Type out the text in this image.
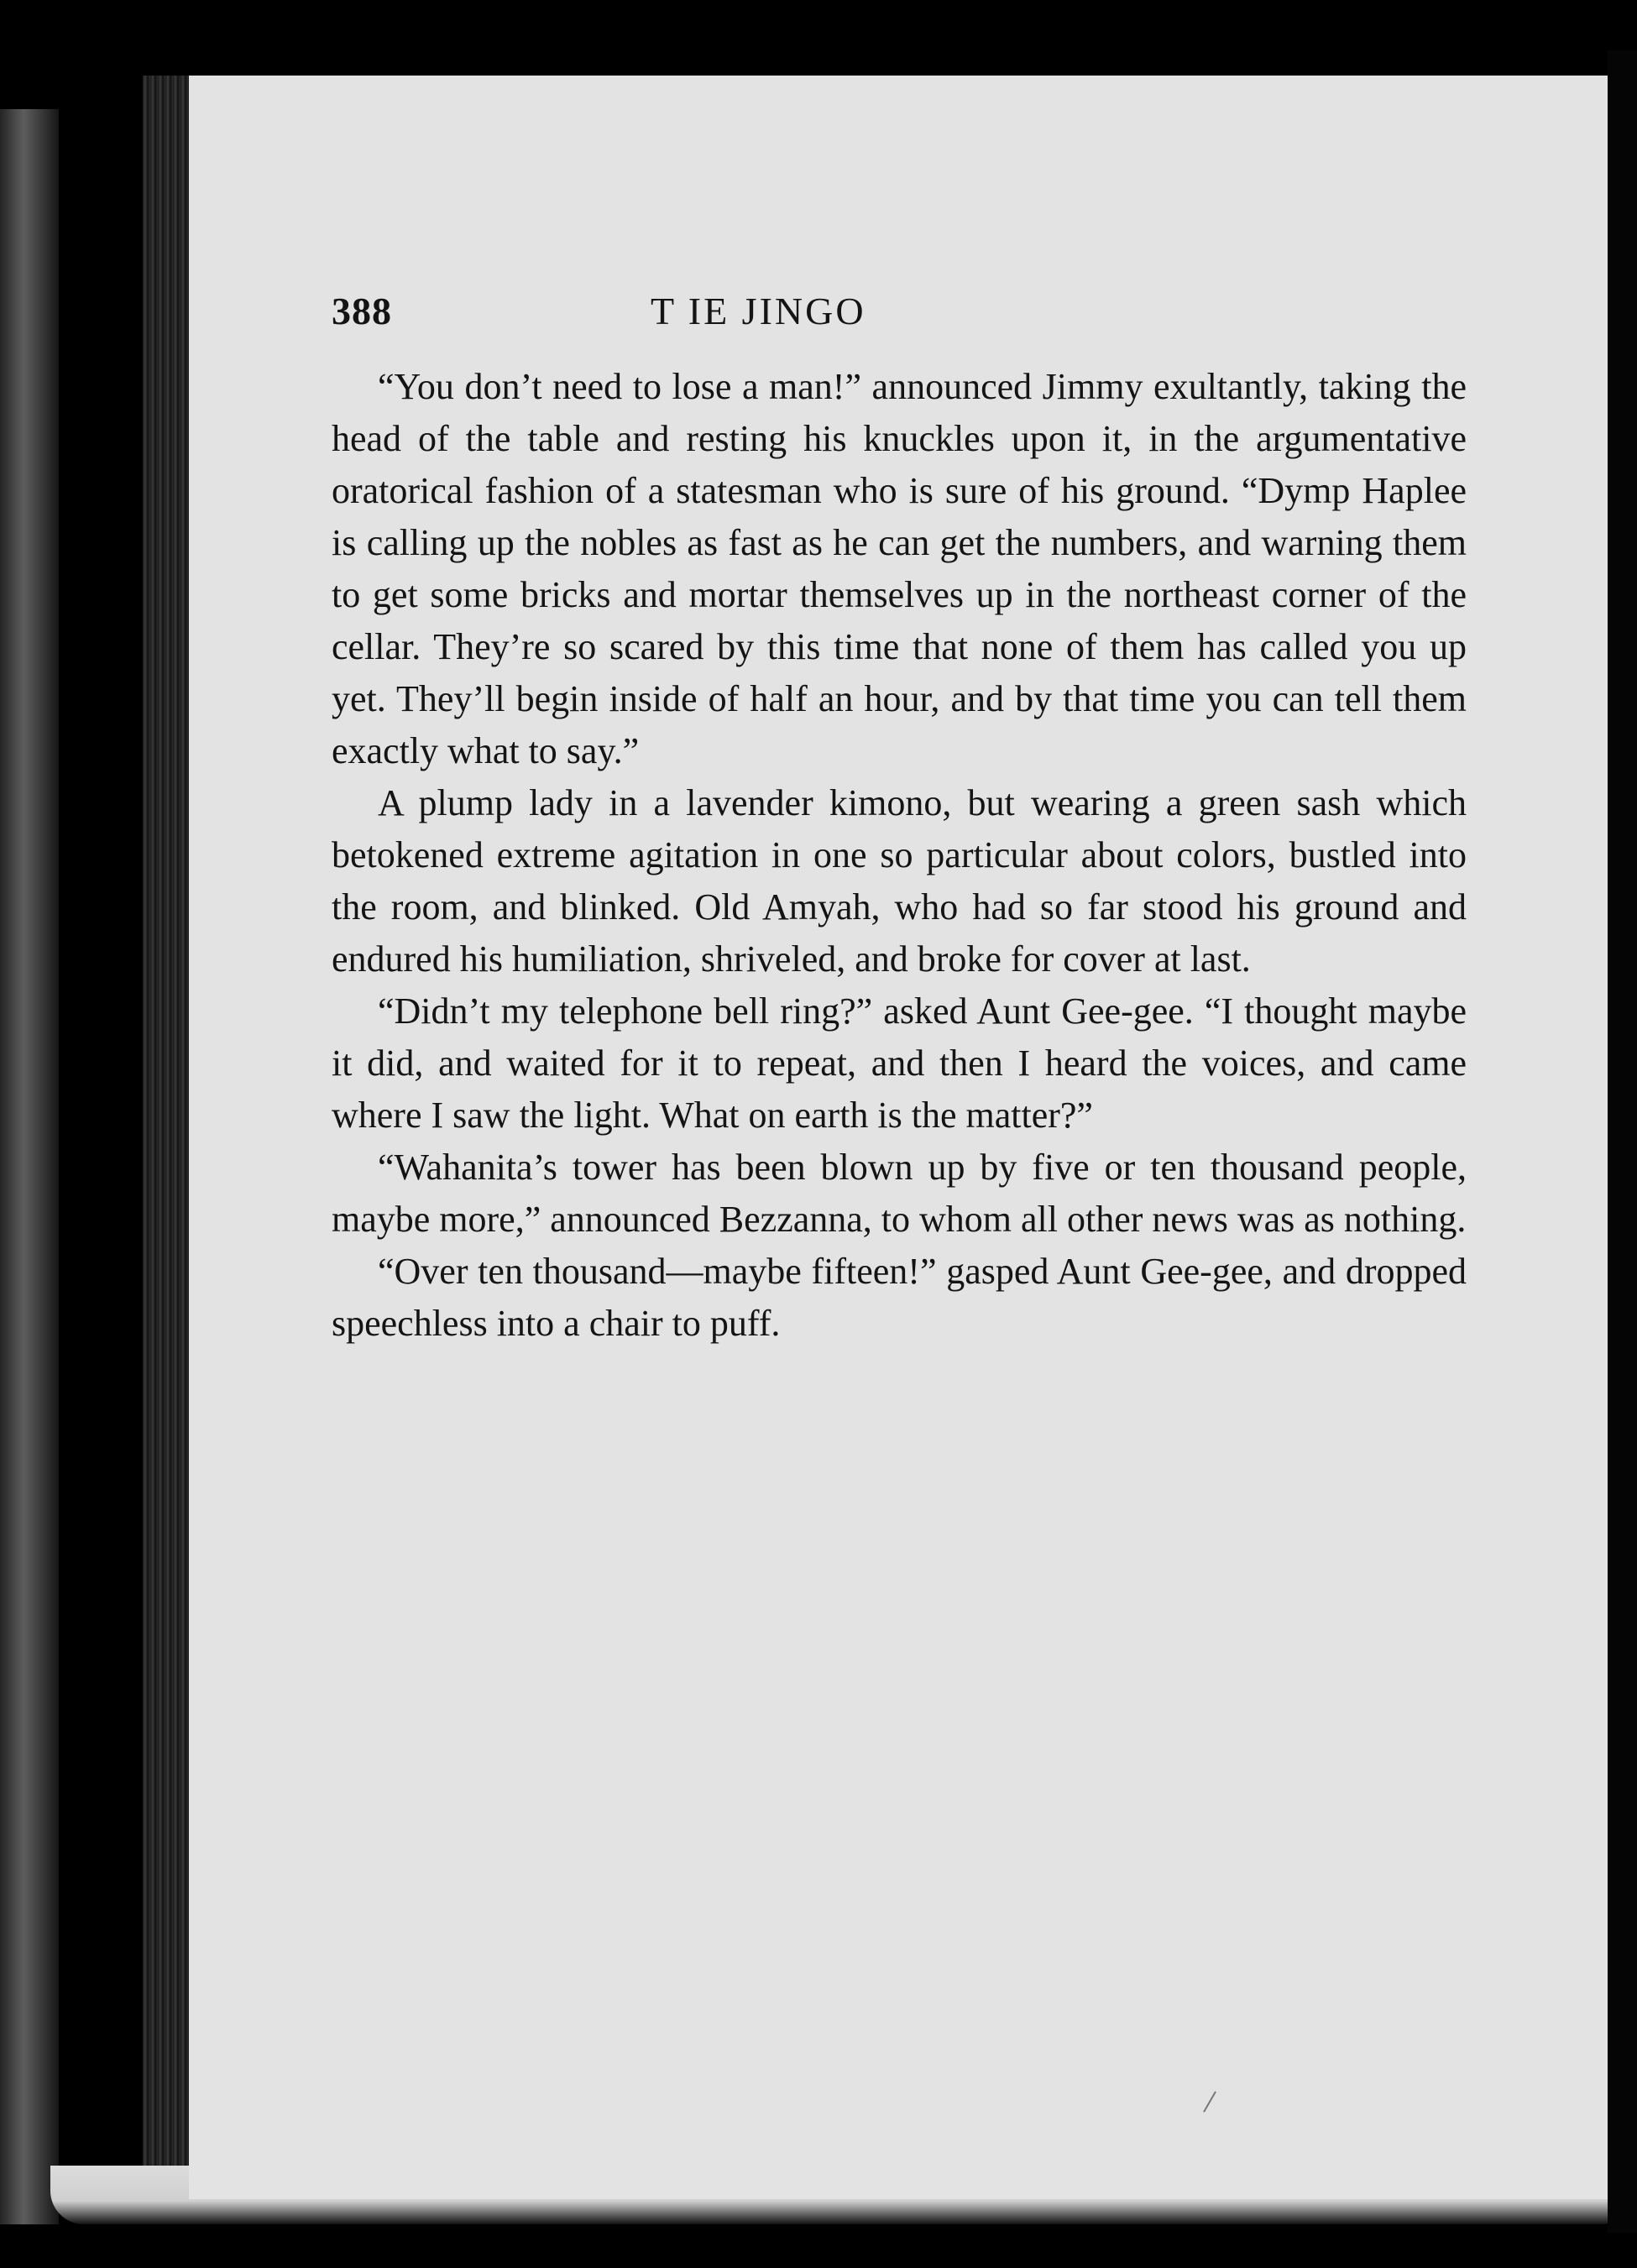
388	T IE JINGO

“You don’t need to lose a man!” announced Jimmy exultantly, taking the head of the table and resting his knuckles upon it, in the argumentative oratorical fashion of a statesman who is sure of his ground. “Dymp Haplee is calling up the nobles as fast as he can get the numbers, and warning them to get some bricks and mortar themselves up in the northeast corner of the cellar. They’re so scared by this time that none of them has called you up yet. They’ll begin inside of half an hour, and by that time you can tell them exactly what to say.”

A plump lady in a lavender kimono, but wearing a green sash which betokened extreme agitation in one so particular about colors, bustled into the room, and blinked. Old Amyah, who had so far stood his ground and endured his humiliation, shriveled, and broke for cover at last.

“Didn’t my telephone bell ring?” asked Aunt Gee-gee. “I thought maybe it did, and waited for it to repeat, and then I heard the voices, and came where I saw the light. What on earth is the matter?”

“Wahanita’s tower has been blown up by five or ten thousand people, maybe more,” announced Bezzanna, to whom all other news was as nothing.

“Over ten thousand—maybe fifteen!” gasped Aunt Gee-gee, and dropped speechless into a chair to puff.
